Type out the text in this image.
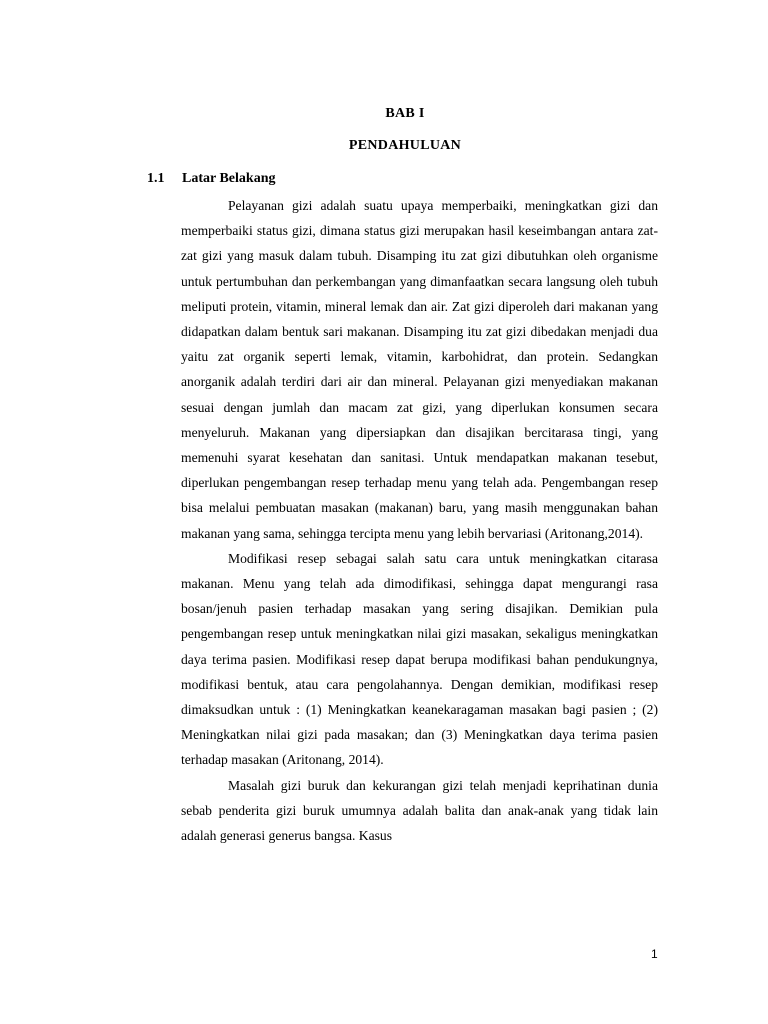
BAB I
PENDAHULUAN
1.1 Latar Belakang

Pelayanan gizi adalah suatu upaya memperbaiki, meningkatkan gizi dan memperbaiki status gizi, dimana status gizi merupakan hasil keseimbangan antara zat-zat gizi yang masuk dalam tubuh. Disamping itu zat gizi dibutuhkan oleh organisme untuk pertumbuhan dan perkembangan yang dimanfaatkan secara langsung oleh tubuh meliputi protein, vitamin, mineral lemak dan air. Zat gizi diperoleh dari makanan yang didapatkan dalam bentuk sari makanan. Disamping itu zat gizi dibedakan menjadi dua yaitu zat organik seperti lemak, vitamin, karbohidrat, dan protein. Sedangkan anorganik adalah terdiri dari air dan mineral. Pelayanan gizi menyediakan makanan sesuai dengan jumlah dan macam zat gizi, yang diperlukan konsumen secara menyeluruh. Makanan yang dipersiapkan dan disajikan bercitarasa tingi, yang memenuhi syarat kesehatan dan sanitasi. Untuk mendapatkan makanan tesebut, diperlukan pengembangan resep terhadap menu yang telah ada. Pengembangan resep bisa melalui pembuatan masakan (makanan) baru, yang masih menggunakan bahan makanan yang sama, sehingga tercipta menu yang lebih bervariasi (Aritonang,2014).

Modifikasi resep sebagai salah satu cara untuk meningkatkan citarasa makanan. Menu yang telah ada dimodifikasi, sehingga dapat mengurangi rasa bosan/jenuh pasien terhadap masakan yang sering disajikan. Demikian pula pengembangan resep untuk meningkatkan nilai gizi masakan, sekaligus meningkatkan daya terima pasien. Modifikasi resep dapat berupa modifikasi bahan pendukungnya, modifikasi bentuk, atau cara pengolahannya. Dengan demikian, modifikasi resep dimaksudkan untuk : (1) Meningkatkan keanekaragaman masakan bagi pasien ; (2) Meningkatkan nilai gizi pada masakan; dan (3) Meningkatkan daya terima pasien terhadap masakan (Aritonang, 2014).

Masalah gizi buruk dan kekurangan gizi telah menjadi keprihatinan dunia sebab penderita gizi buruk umumnya adalah balita dan anak-anak yang tidak lain adalah generasi generus bangsa. Kasus

1
